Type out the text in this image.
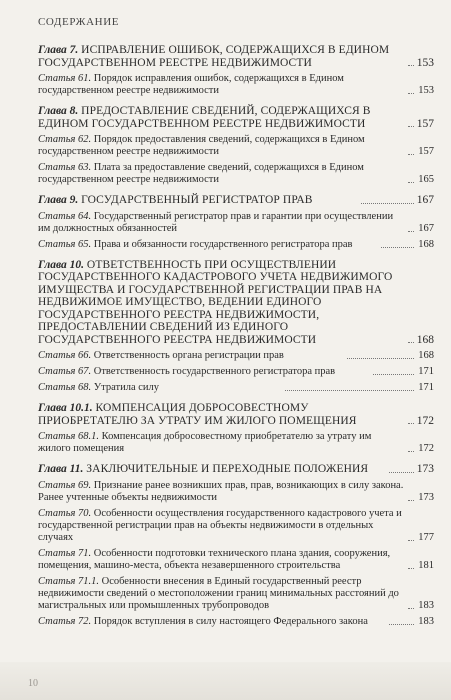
СОДЕРЖАНИЕ
Глава 7. ИСПРАВЛЕНИЕ ОШИБОК, СОДЕРЖАЩИХСЯ В ЕДИНОМ ГОСУДАРСТВЕННОМ РЕЕСТРЕ НЕДВИЖИМОСТИ	153
Статья 61. Порядок исправления ошибок, содержащихся в Едином государственном реестре недвижимости	153
Глава 8. ПРЕДОСТАВЛЕНИЕ СВЕДЕНИЙ, СОДЕРЖАЩИХСЯ В ЕДИНОМ ГОСУДАРСТВЕННОМ РЕЕСТРЕ НЕДВИЖИМОСТИ	157
Статья 62. Порядок предоставления сведений, содержащихся в Едином государственном реестре недвижимости	157
Статья 63. Плата за предоставление сведений, содержащихся в Едином государственном реестре недвижимости	165
Глава 9. ГОСУДАРСТВЕННЫЙ РЕГИСТРАТОР ПРАВ	167
Статья 64. Государственный регистратор прав и гарантии при осуществлении им должностных обязанностей	167
Статья 65. Права и обязанности государственного регистратора прав	168
Глава 10. ОТВЕТСТВЕННОСТЬ ПРИ ОСУЩЕСТВЛЕНИИ ГОСУДАРСТВЕННОГО КАДАСТРОВОГО УЧЕТА НЕДВИЖИМОГО ИМУЩЕСТВА И ГОСУДАРСТВЕННОЙ РЕГИСТРАЦИИ ПРАВ НА НЕДВИЖИМОЕ ИМУЩЕСТВО, ВЕДЕНИИ ЕДИНОГО ГОСУДАРСТВЕННОГО РЕЕСТРА НЕДВИЖИМОСТИ, ПРЕДОСТАВЛЕНИИ СВЕДЕНИЙ ИЗ ЕДИНОГО ГОСУДАРСТВЕННОГО РЕЕСТРА НЕДВИЖИМОСТИ	168
Статья 66. Ответственность органа регистрации прав	168
Статья 67. Ответственность государственного регистратора прав	171
Статья 68. Утратила силу	171
Глава 10.1. КОМПЕНСАЦИЯ ДОБРОСОВЕСТНОМУ ПРИОБРЕТАТЕЛЮ ЗА УТРАТУ ИМ ЖИЛОГО ПОМЕЩЕНИЯ	172
Статья 68.1. Компенсация добросовестному приобретателю за утрату им жилого помещения	172
Глава 11. ЗАКЛЮЧИТЕЛЬНЫЕ И ПЕРЕХОДНЫЕ ПОЛОЖЕНИЯ	173
Статья 69. Признание ранее возникших прав, прав, возникающих в силу закона. Ранее учтенные объекты недвижимости	173
Статья 70. Особенности осуществления государственного кадастрового учета и государственной регистрации прав на объекты недвижимости в отдельных случаях	177
Статья 71. Особенности подготовки технического плана здания, сооружения, помещения, машино-места, объекта незавершенного строительства	181
Статья 71.1. Особенности внесения в Единый государственный реестр недвижимости сведений о местоположении границ минимальных расстояний до магистральных или промышленных трубопроводов	183
Статья 72. Порядок вступления в силу настоящего Федерального закона	183
10
